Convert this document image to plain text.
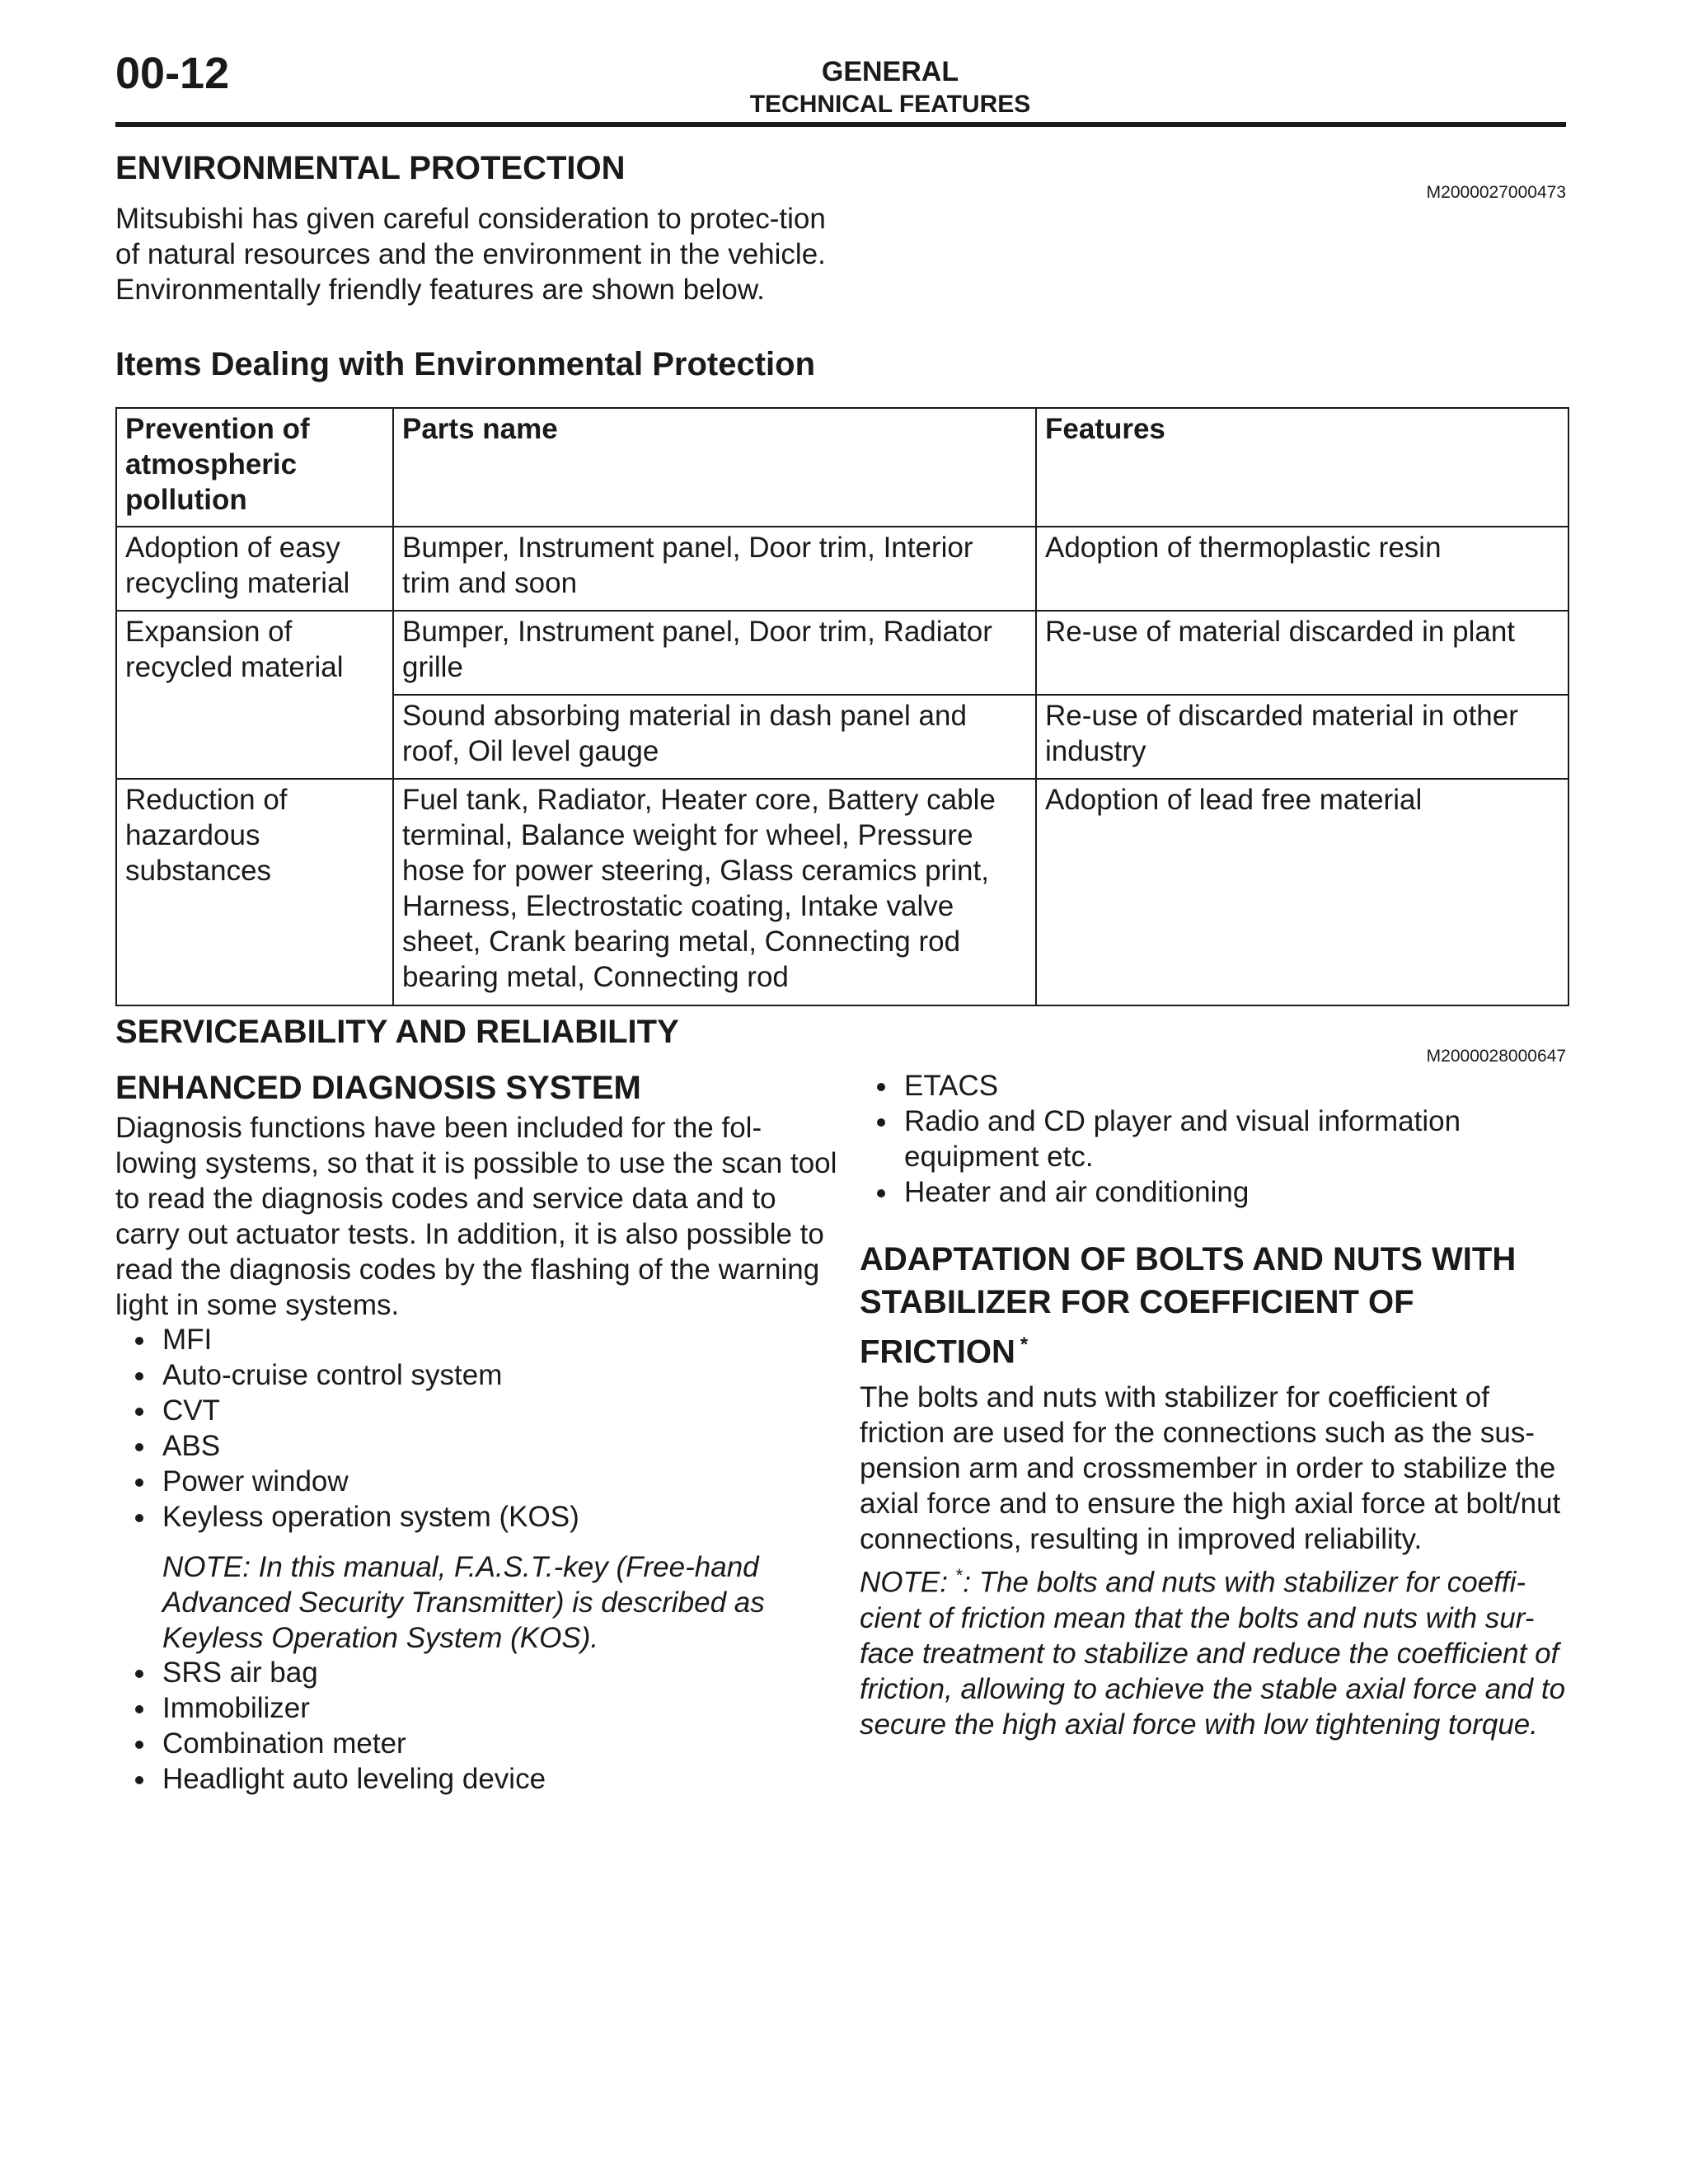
00-12	GENERAL
TECHNICAL FEATURES
ENVIRONMENTAL PROTECTION
M2000027000473
Mitsubishi has given careful consideration to protec-tion of natural resources and the environment in the vehicle. Environmentally friendly features are shown below.
Items Dealing with Environmental Protection
Prevention of atmospheric pollution	Parts name	Features
Adoption of easy recycling material	Bumper, Instrument panel, Door trim, Interior trim and soon	Adoption of thermoplastic resin
Expansion of recycled material	Bumper, Instrument panel, Door trim, Radiator grille	Re-use of material discarded in plant
	Sound absorbing material in dash panel and roof, Oil level gauge	Re-use of discarded material in other industry
Reduction of hazardous substances	Fuel tank, Radiator, Heater core, Battery cable terminal, Balance weight for wheel, Pressure hose for power steering, Glass ceramics print, Harness, Electrostatic coating, Intake valve sheet, Crank bearing metal, Connecting rod bearing metal, Connecting rod	Adoption of lead free material
SERVICEABILITY AND RELIABILITY
M2000028000647
ENHANCED DIAGNOSIS SYSTEM
Diagnosis functions have been included for the fol-lowing systems, so that it is possible to use the scan tool to read the diagnosis codes and service data and to carry out actuator tests. In addition, it is also possible to read the diagnosis codes by the flashing of the warning light in some systems.
MFI
Auto-cruise control system
CVT
ABS
Power window
Keyless operation system (KOS)
NOTE: In this manual, F.A.S.T.-key (Free-hand Advanced Security Transmitter) is described as Keyless Operation System (KOS).
SRS air bag
Immobilizer
Combination meter
Headlight auto leveling device
ETACS
Radio and CD player and visual information equipment etc.
Heater and air conditioning
ADAPTATION OF BOLTS AND NUTS WITH STABILIZER FOR COEFFICIENT OF FRICTION *
The bolts and nuts with stabilizer for coefficient of friction are used for the connections such as the sus-pension arm and crossmember in order to stabilize the axial force and to ensure the high axial force at bolt/nut connections, resulting in improved reliability.
NOTE: *: The bolts and nuts with stabilizer for coeffi-cient of friction mean that the bolts and nuts with sur-face treatment to stabilize and reduce the coefficient of friction, allowing to achieve the stable axial force and to secure the high axial force with low tightening torque.
